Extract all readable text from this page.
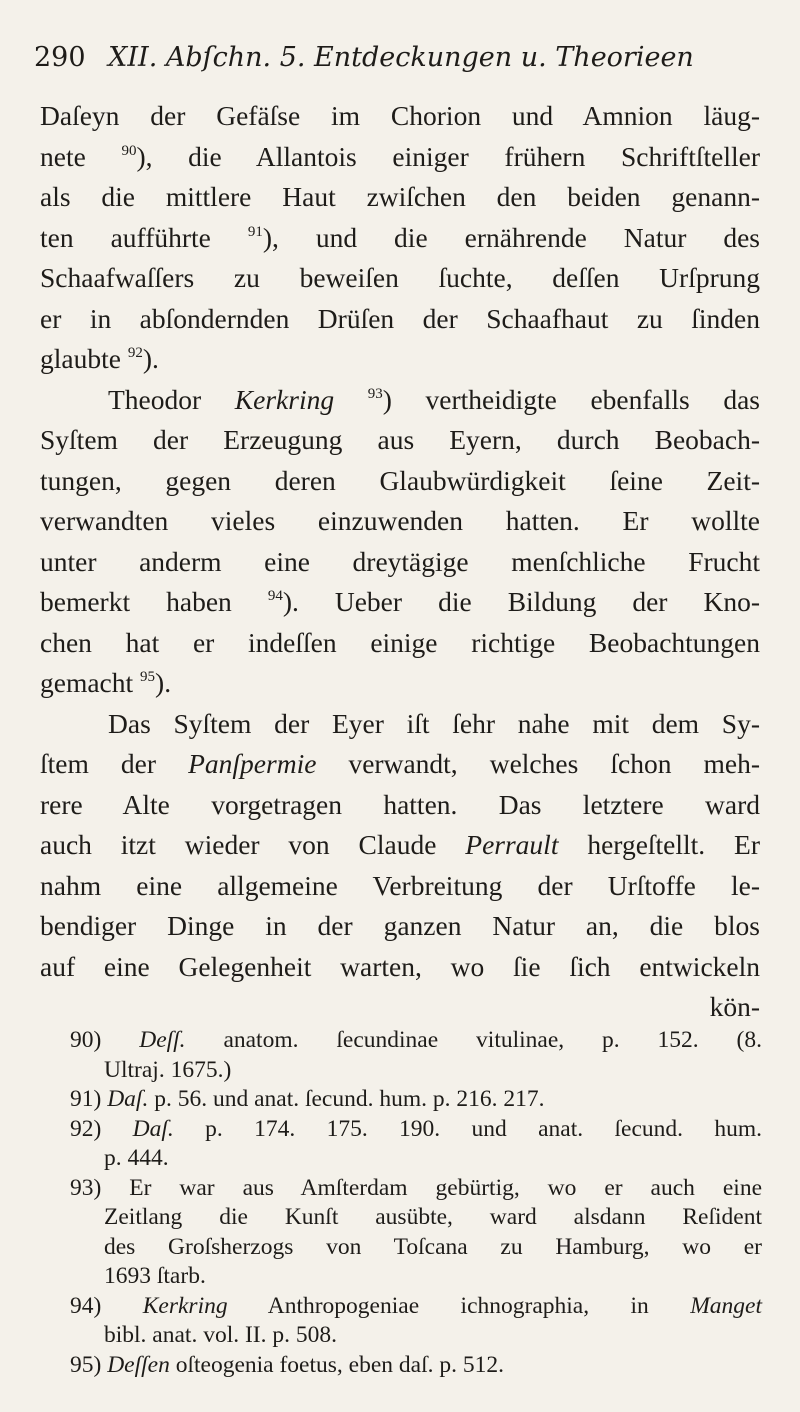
290 XII. Abſchn. 5. Entdeckungen u. Theorieen
Daſeyn der Gefäſse im Chorion und Amnion läug-
nete $^{90}$), die Allantois einiger frühern Schriftſteller
als die mittlere Haut zwiſchen den beiden genann-
ten aufführte $^{91}$), und die ernährende Natur des
Schaafwaſſers zu beweiſen ſuchte, deſſen Urſprung
er in abſondernden Drüſen der Schaafhaut zu ſinden
glaubte $^{92}$).
Theodor Kerkring $^{93}$) vertheidigte ebenfalls das
Syſtem der Erzeugung aus Eyern, durch Beobach-
tungen, gegen deren Glaubwürdigkeit ſeine Zeit-
verwandten vieles einzuwenden hatten. Er wollte
unter anderm eine dreytägige menſchliche Frucht
bemerkt haben $^{94}$). Ueber die Bildung der Kno-
chen hat er indeſſen einige richtige Beobachtungen
gemacht $^{95}$).
Das Syſtem der Eyer iſt ſehr nahe mit dem Sy-
ſtem der Panſpermie verwandt, welches ſchon meh-
rere Alte vorgetragen hatten. Das letztere ward
auch itzt wieder von Claude Perrault hergeſtellt. Er
nahm eine allgemeine Verbreitung der Urſtoffe le-
bendiger Dinge in der ganzen Natur an, die blos
auf eine Gelegenheit warten, wo ſie ſich entwickeln
kön-
90) Deſſ. anatom. ſecundinae vitulinae, p. 152. (8.
Ultraj. 1675.)
91) Daſ. p. 56. und anat. ſecund. hum. p. 216. 217.
92) Daſ. p. 174. 175. 190. und anat. ſecund. hum.
p. 444.
93) Er war aus Amſterdam gebürtig, wo er auch eine
Zeitlang die Kunſt ausübte, ward alsdann Reſident
des Groſsherzogs von Toſcana zu Hamburg, wo er
1693 ſtarb.
94) Kerkring Anthropogeniae ichnographia, in Manget
bibl. anat. vol. II. p. 508.
95) Deſſen oſteogenia foetus, eben daſ. p. 512.
